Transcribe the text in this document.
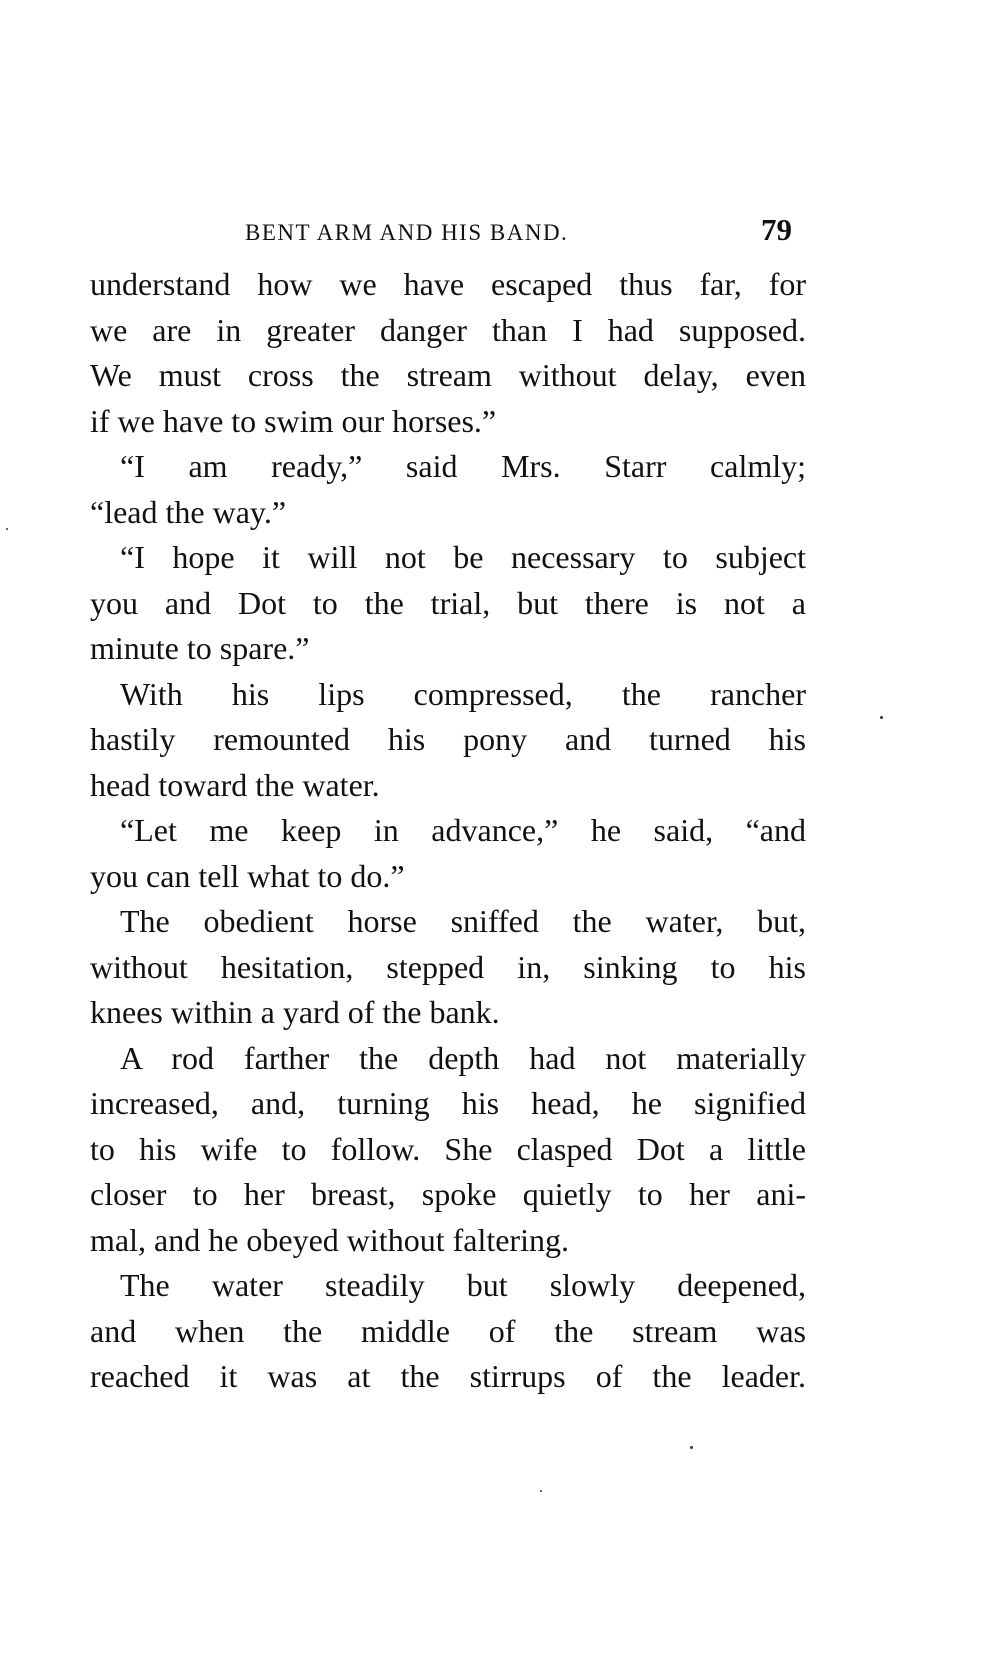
BENT ARM AND HIS BAND.	79
understand how we have escaped thus far, for
we are in greater danger than I had supposed.
We must cross the stream without delay, even
if we have to swim our horses.”
“I am ready,” said Mrs. Starr calmly;
“lead the way.”
“I hope it will not be necessary to subject
you and Dot to the trial, but there is not a
minute to spare.”
With his lips compressed, the rancher
hastily remounted his pony and turned his
head toward the water.
“Let me keep in advance,” he said, “and
you can tell what to do.”
The obedient horse sniffed the water, but,
without hesitation, stepped in, sinking to his
knees within a yard of the bank.
A rod farther the depth had not materially
increased, and, turning his head, he signified
to his wife to follow. She clasped Dot a little
closer to her breast, spoke quietly to her ani-
mal, and he obeyed without faltering.
The water steadily but slowly deepened,
and when the middle of the stream was
reached it was at the stirrups of the leader.
